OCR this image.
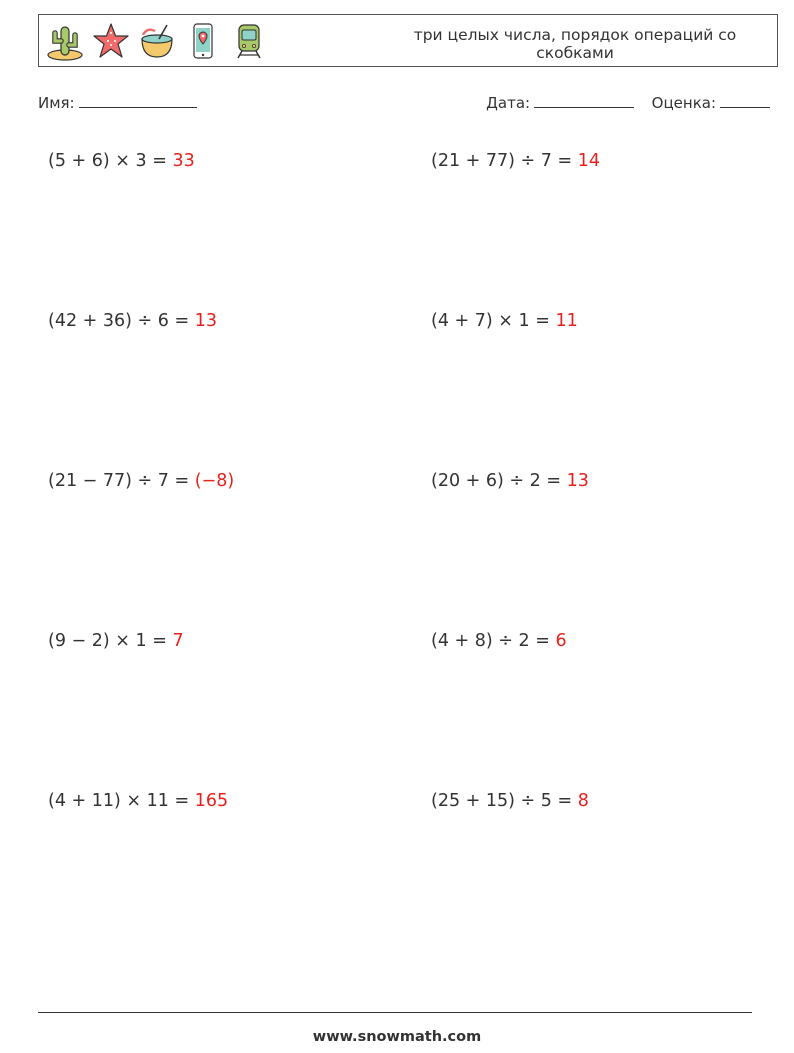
три целых числа, порядок операций со скобками
Имя:	Дата:	Оценка:
(5 + 6) × 3 = 33	(21 + 77) ÷ 7 = 14
(42 + 36) ÷ 6 = 13	(4 + 7) × 1 = 11
(21 − 77) ÷ 7 = (−8)	(20 + 6) ÷ 2 = 13
(9 − 2) × 1 = 7	(4 + 8) ÷ 2 = 6
(4 + 11) × 11 = 165	(25 + 15) ÷ 5 = 8
www.snowmath.com
